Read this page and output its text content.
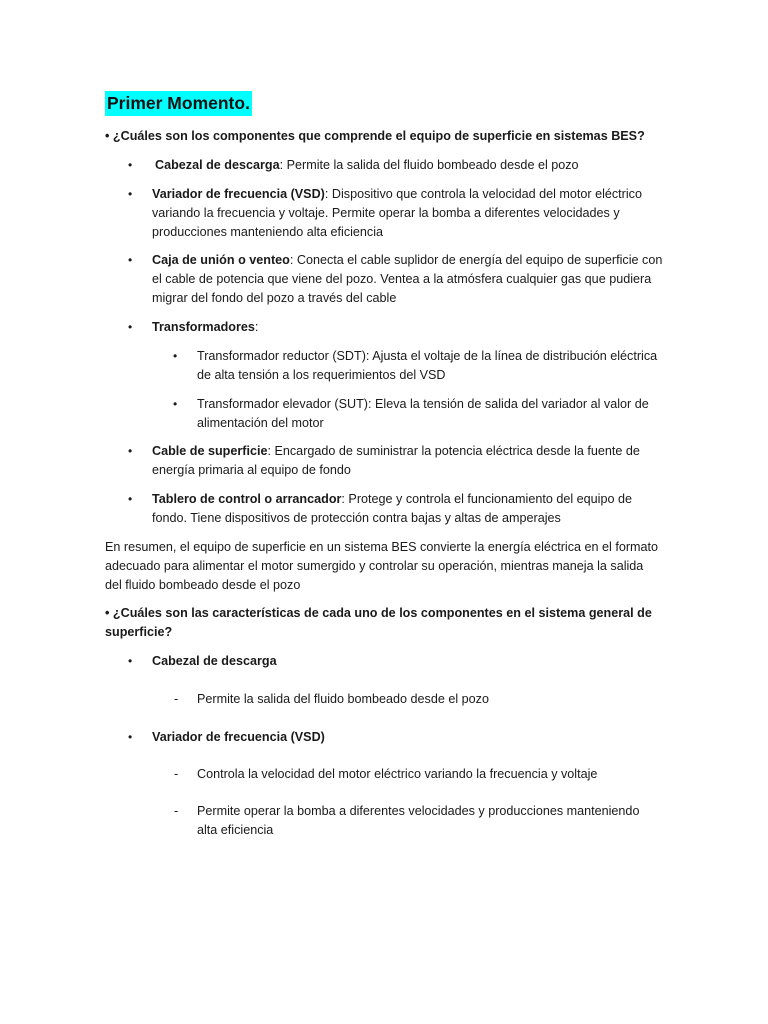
Primer Momento.
• ¿Cuáles son los componentes que comprende el equipo de superficie en sistemas BES?
• Cabezal de descarga: Permite la salida del fluido bombeado desde el pozo
• Variador de frecuencia (VSD): Dispositivo que controla la velocidad del motor eléctrico
variando la frecuencia y voltaje. Permite operar la bomba a diferentes velocidades y
producciones manteniendo alta eficiencia
• Caja de unión o venteo: Conecta el cable suplidor de energía del equipo de superficie con
el cable de potencia que viene del pozo. Ventea a la atmósfera cualquier gas que pudiera
migrar del fondo del pozo a través del cable
• Transformadores:
• Transformador reductor (SDT): Ajusta el voltaje de la línea de distribución eléctrica
de alta tensión a los requerimientos del VSD
• Transformador elevador (SUT): Eleva la tensión de salida del variador al valor de
alimentación del motor
• Cable de superficie: Encargado de suministrar la potencia eléctrica desde la fuente de
energía primaria al equipo de fondo
• Tablero de control o arrancador: Protege y controla el funcionamiento del equipo de
fondo. Tiene dispositivos de protección contra bajas y altas de amperajes
En resumen, el equipo de superficie en un sistema BES convierte la energía eléctrica en el formato
adecuado para alimentar el motor sumergido y controlar su operación, mientras maneja la salida
del fluido bombeado desde el pozo
• ¿Cuáles son las características de cada uno de los componentes en el sistema general de
superficie?
• Cabezal de descarga
- Permite la salida del fluido bombeado desde el pozo
• Variador de frecuencia (VSD)
- Controla la velocidad del motor eléctrico variando la frecuencia y voltaje
- Permite operar la bomba a diferentes velocidades y producciones manteniendo
alta eficiencia
